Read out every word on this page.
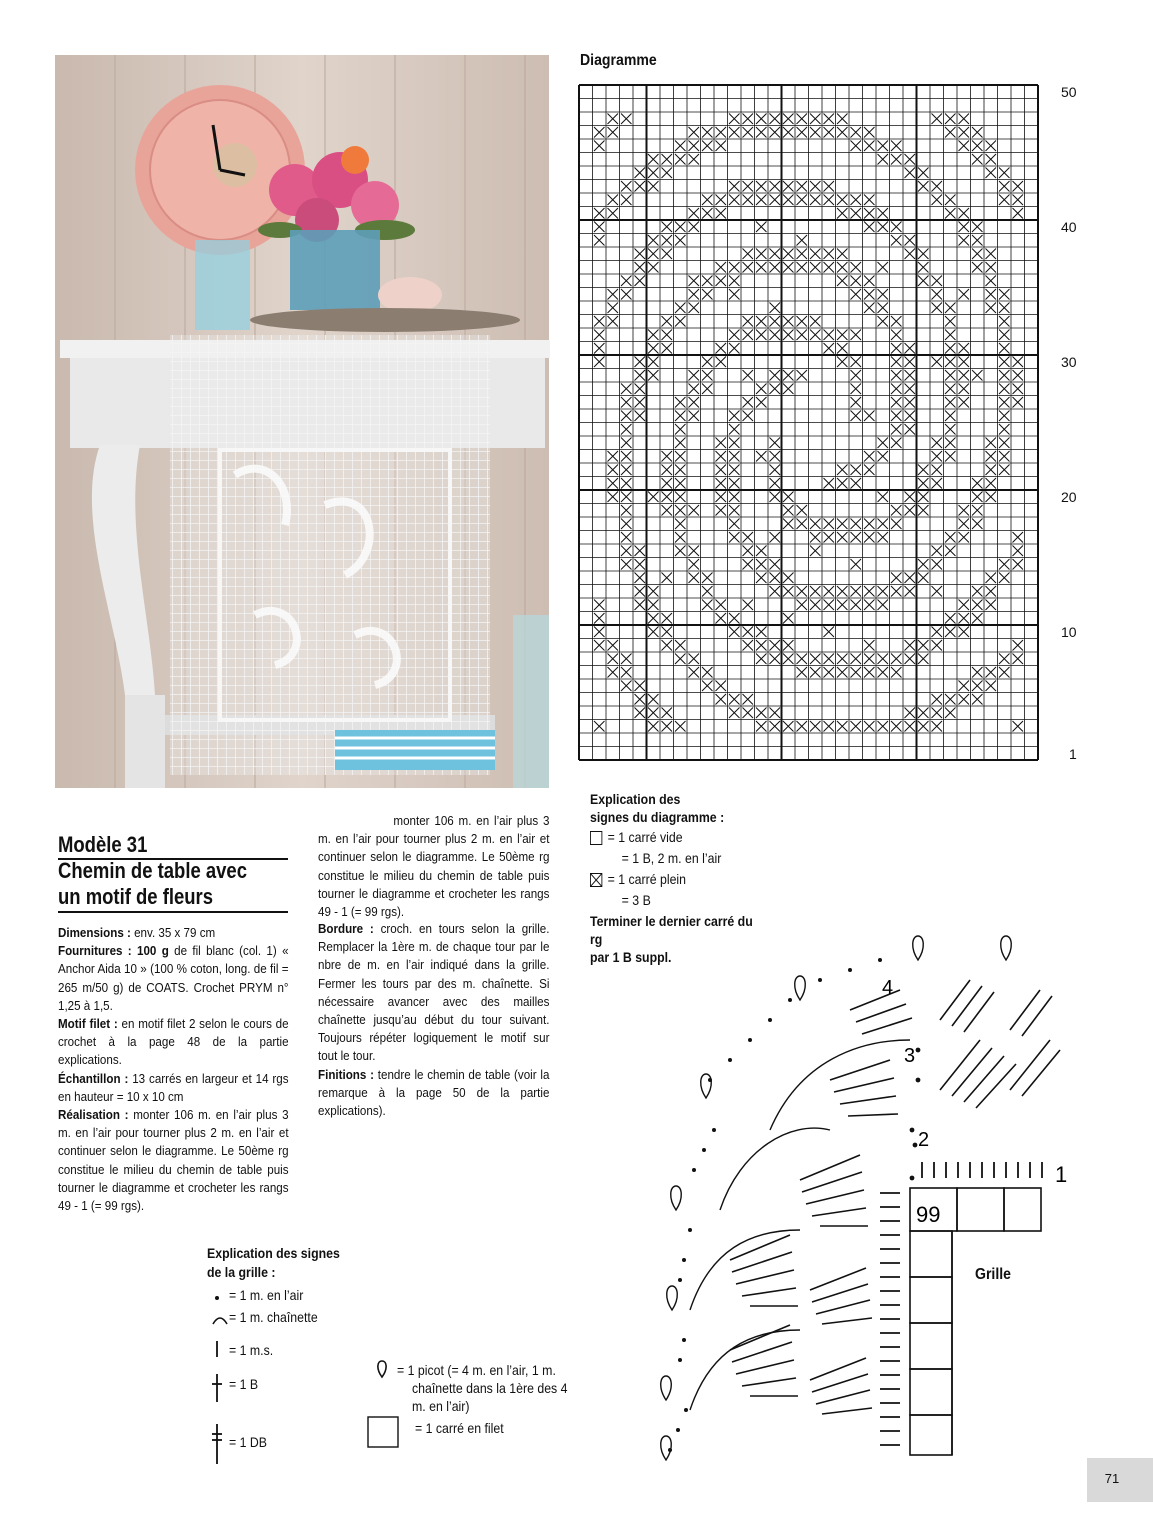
Diagramme
50
40
30
20
10
1
Explication des
signes du diagramme :
= 1 carré vide
= 1 B, 2 m. en l’air
= 1 carré plein
= 3 B
Terminer le dernier carré du rg
par 1 B suppl.
Modèle 31
Chemin de table avec
un motif de fleurs

Dimensions : env. 35 x 79 cm

Fournitures : 100 g de fil blanc (col. 1) « Anchor Aida 10 » (100 % coton, long. de fil = 265 m/50 g) de COATS. Crochet PRYM n° 1,25 à 1,5.

Motif filet : en motif filet 2 selon le cours de crochet à la page 48 de la partie explications.

Échantillon : 13 carrés en largeur et 14 rgs en hauteur = 10 x 10 cm

Réalisation : monter 106 m. en l’air plus 3 m. en l’air pour tourner plus 2 m. en l’air et continuer selon le diagramme. Le 50ème rg constitue le milieu du chemin de table puis tourner le diagramme et crocheter les rangs 49 - 1 (= 99 rgs).

monter 106 m. en l’air plus 3 m. en l’air pour tourner plus 2 m. en l’air et continuer selon le diagramme. Le 50ème rg constitue le milieu du chemin de table puis tourner le diagramme et crocheter les rangs 49 - 1 (= 99 rgs).

Bordure : croch. en tours selon la grille. Remplacer la 1ère m. de chaque tour par le nbre de m. en l’air indiqué dans la grille. Fermer les tours par des m. chaînette. Si nécessaire avancer avec des mailles chaînette jusqu’au début du tour suivant. Toujours répéter logiquement le motif sur tout le tour.

Finitions : tendre le chemin de table (voir la remarque à la page 50 de la partie explications).

Explication des signes
de la grille :
= 1 m. en l’air
= 1 m. chaînette
= 1 m.s.
= 1 B
= 1 DB
= 1 picot (= 4 m. en l’air, 1 m.
chaînette dans la 1ère des 4
m. en l’air)
= 1 carré en filet
1
2
3
4
99
Grille
71
